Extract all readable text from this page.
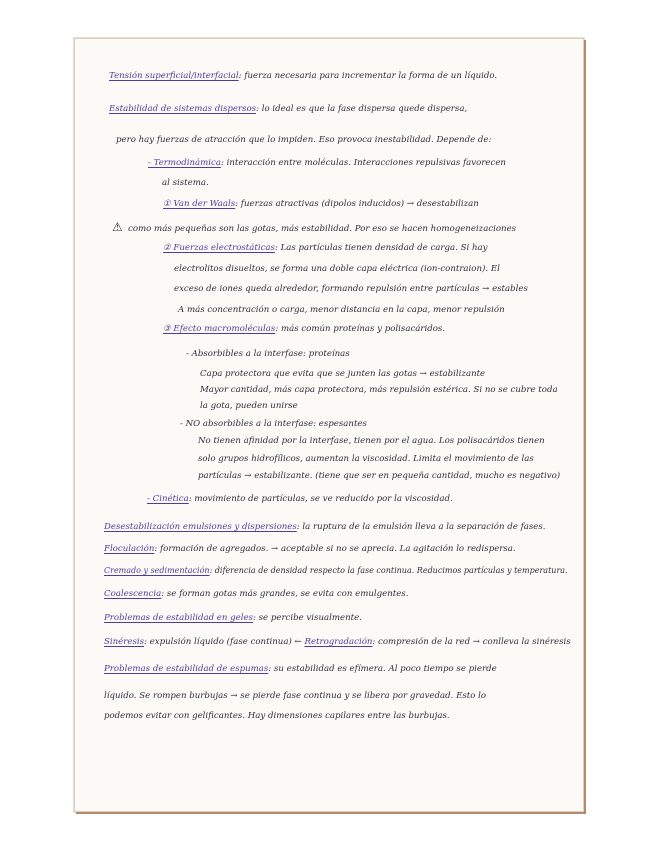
Tensión superficial/interfacial: fuerza necesaria para incrementar la forma de un líquido.
Estabilidad de sistemas dispersos: lo ideal es que la fase dispersa quede dispersa,
pero hay fuerzas de atracción que lo impiden. Eso provoca inestabilidad. Depende de:
- Termodinámica: interacción entre moléculas. Interacciones repulsivas favorecen
al sistema.
① Van der Waals: fuerzas atractivas (dipolos inducidos) → desestabilizan
⚠ como más pequeñas son las gotas, más estabilidad. Por eso se hacen homogeneizaciones
② Fuerzas electrostáticas: Las partículas tienen densidad de carga. Si hay
electrolitos disueltos, se forma una doble capa eléctrica (ion-contraion). El
exceso de iones queda alrededor, formando repulsión entre partículas → estables
A más concentración o carga, menor distancia en la capa, menor repulsión
③ Efecto macromoléculas: más común proteínas y polisacáridos.
- Absorbibles a la interfase: proteínas
Capa protectora que evita que se junten las gotas → estabilizante
Mayor cantidad, más capa protectora, más repulsión estérica. Si no se cubre toda
la gota, pueden unirse
- NO absorbibles a la interfase: espesantes
No tienen afinidad por la interfase, tienen por el agua. Los polisacáridos tienen
solo grupos hidrofílicos, aumentan la viscosidad. Limita el movimiento de las
partículas → estabilizante. (tiene que ser en pequeña cantidad, mucho es negativo)
- Cinética: movimiento de partículas, se ve reducido por la viscosidad.
Desestabilización emulsiones y dispersiones: la ruptura de la emulsión lleva a la separación de fases.
Floculación: formación de agregados. → aceptable si no se aprecia. La agitación lo redispersa.
Cremado y sedimentación: diferencia de densidad respecto la fase continua. Reducimos partículas y temperatura.
Coalescencia: se forman gotas más grandes, se evita con emulgentes.
Problemas de estabilidad en geles: se percibe visualmente.
Sinéresis: expulsión líquido (fase continua) ← Retrogradación: compresión de la red → conlleva la sinéresis
Problemas de estabilidad de espumas: su estabilidad es efímera. Al poco tiempo se pierde
líquido. Se rompen burbujas → se pierde fase continua y se libera por gravedad. Esto lo
podemos evitar con gelificantes. Hay dimensiones capilares entre las burbujas.
